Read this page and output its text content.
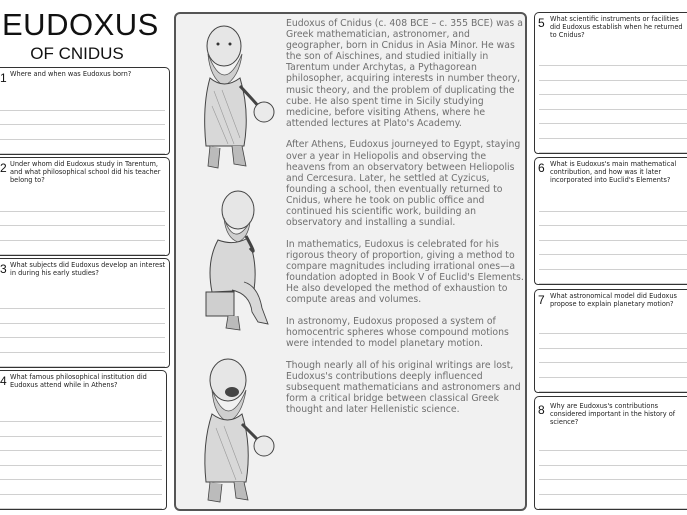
EUDOXUS
OF CNIDUS
1 Where and when was Eudoxus born?
2 Under whom did Eudoxus study in Tarentum, and what philosophical school did his teacher belong to?
3 What subjects did Eudoxus develop an interest in during his early studies?
4 What famous philosophical institution did Eudoxus attend while in Athens?

Eudoxus of Cnidus (c. 408 BCE – c. 355 BCE) was a Greek mathematician, astronomer, and geographer, born in Cnidus in Asia Minor. He was the son of Aischines, and studied initially in Tarentum under Archytas, a Pythagorean philosopher, acquiring interests in number theory, music theory, and the problem of duplicating the cube. He also spent time in Sicily studying medicine, before visiting Athens, where he attended lectures at Plato's Academy.

After Athens, Eudoxus journeyed to Egypt, staying over a year in Heliopolis and observing the heavens from an observatory between Heliopolis and Cercesura. Later, he settled at Cyzicus, founding a school, then eventually returned to Cnidus, where he took on public office and continued his scientific work, building an observatory and installing a sundial.

In mathematics, Eudoxus is celebrated for his rigorous theory of proportion, giving a method to compare magnitudes including irrational ones—a foundation adopted in Book V of Euclid's Elements. He also developed the method of exhaustion to compute areas and volumes.

In astronomy, Eudoxus proposed a system of homocentric spheres whose compound motions were intended to model planetary motion.

Though nearly all of his original writings are lost, Eudoxus's contributions deeply influenced subsequent mathematicians and astronomers and form a critical bridge between classical Greek thought and later Hellenistic science.

5 What scientific instruments or facilities did Eudoxus establish when he returned to Cnidus?
6 What is Eudoxus's main mathematical contribution, and how was it later incorporated into Euclid's Elements?
7 What astronomical model did Eudoxus propose to explain planetary motion?
8 Why are Eudoxus's contributions considered important in the history of science?
